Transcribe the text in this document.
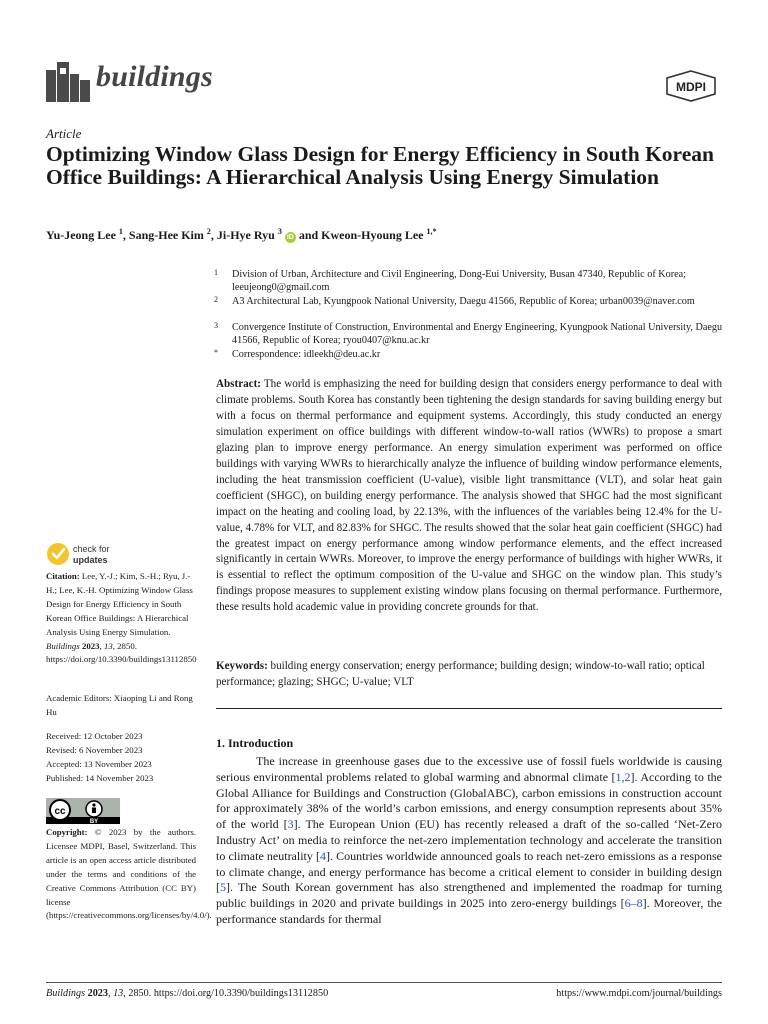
buildings	MDPI
Article
Optimizing Window Glass Design for Energy Efficiency in South Korean Office Buildings: A Hierarchical Analysis Using Energy Simulation
Yu-Jeong Lee $^1$, Sang-Hee Kim $^2$, Ji-Hye Ryu $^3$ iD and Kweon-Hyoung Lee $^{1,*}$
1 Division of Urban, Architecture and Civil Engineering, Dong-Eui University, Busan 47340, Republic of Korea; leeujeong0@gmail.com
2 A3 Architectural Lab, Kyungpook National University, Daegu 41566, Republic of Korea; urban0039@naver.com
3 Convergence Institute of Construction, Environmental and Energy Engineering, Kyungpook National University, Daegu 41566, Republic of Korea; ryou0407@knu.ac.kr
* Correspondence: idleekh@deu.ac.kr

Abstract: The world is emphasizing the need for building design that considers energy performance to deal with climate problems. South Korea has constantly been tightening the design standards for saving building energy but with a focus on thermal performance and equipment systems. Accordingly, this study conducted an energy simulation experiment on office buildings with different window-to-wall ratios (WWRs) to propose a smart glazing plan to improve energy performance. An energy simulation experiment was performed on office buildings with varying WWRs to hierarchically analyze the influence of building window performance elements, including the heat transmission coefficient (U-value), visible light transmittance (VLT), and solar heat gain coefficient (SHGC), on building energy performance. The analysis showed that SHGC had the most significant impact on the heating and cooling load, by 22.13%, with the influences of the variables being 12.4% for the U-value, 4.78% for VLT, and 82.83% for SHGC. The results showed that the solar heat gain coefficient (SHGC) had the greatest impact on energy performance among window performance elements, and the effect increased significantly in certain WWRs. Moreover, to improve the energy performance of buildings with higher WWRs, it is essential to reflect the optimum composition of the U-value and SHGC on the window plan. This study’s findings propose measures to supplement existing window plans focusing on thermal performance. Furthermore, these results hold academic value in providing concrete grounds for that.

Keywords: building energy conservation; energy performance; building design; window-to-wall ratio; optical performance; glazing; SHGC; U-value; VLT

1. Introduction

The increase in greenhouse gases due to the excessive use of fossil fuels worldwide is causing serious environmental problems related to global warming and abnormal climate [1,2]. According to the Global Alliance for Buildings and Construction (GlobalABC), carbon emissions in construction account for approximately 38% of the world’s carbon emissions, and energy consumption represents about 35% of the world [3]. The European Union (EU) has recently released a draft of the so-called ‘Net-Zero Industry Act’ on media to reinforce the net-zero implementation technology and accelerate the transition to climate neutrality [4]. Countries worldwide announced goals to reach net-zero emissions as a response to climate change, and energy performance has become a critical element to consider in building design [5]. The South Korean government has also strengthened and implemented the roadmap for turning public buildings in 2020 and private buildings in 2025 into zero-energy buildings [6–8]. Moreover, the performance standards for thermal

check for
updates
Citation: Lee, Y.-J.; Kim, S.-H.; Ryu, J.-H.; Lee, K.-H. Optimizing Window Glass Design for Energy Efficiency in South Korean Office Buildings: A Hierarchical Analysis Using Energy Simulation. Buildings 2023, 13, 2850. https://doi.org/10.3390/buildings13112850
Academic Editors: Xiaoping Li and Rong Hu
Received: 12 October 2023
Revised: 6 November 2023
Accepted: 13 November 2023
Published: 14 November 2023
cc
BY
Copyright: © 2023 by the authors. Licensee MDPI, Basel, Switzerland. This article is an open access article distributed under the terms and conditions of the Creative Commons Attribution (CC BY) license (https://creativecommons.org/licenses/by/4.0/).
Buildings 2023, 13, 2850. https://doi.org/10.3390/buildings13112850	https://www.mdpi.com/journal/buildings
